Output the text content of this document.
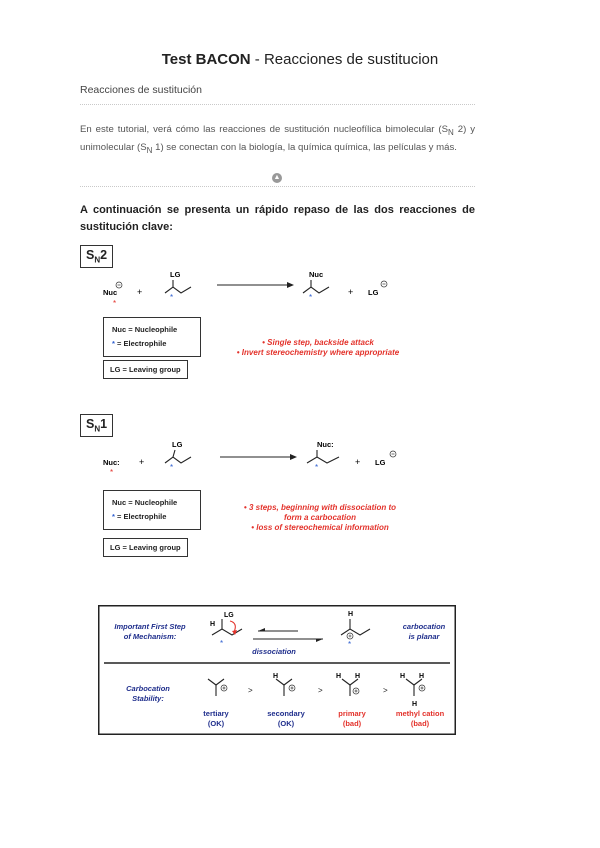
Test BACON - Reacciones de sustitucion
Reacciones de sustitución
En este tutorial, verá cómo las reacciones de sustitución nucleofílica bimolecular ($S_N$ 2) y unimolecular ($S_N$ 1) se conectan con la biología, la química química, las películas y más.
▲
A continuación se presenta un rápido repaso de las dos reacciones de sustitución clave:
$S_N2$
Nuc
*
+
LG
*
Nuc
*
+ LG
Nuc = Nucleophile
* = Electrophile
LG = Leaving group
• Single step, backside attack
• Invert stereochemistry where appropriate
$S_N1$
Nuc:
*
+
LG
*
Nuc:
*
+ LG
Nuc = Nucleophile
* = Electrophile
LG = Leaving group
• 3 steps, beginning with dissociation to
form a carbocation
• loss of stereochemical information
Important First Step
of Mechanism:
carbocation
is planar
dissociation
Carbocation
Stability:
H
LG
*
H
*
H	H H	H H
H
>	>	>
tertiary
(OK)
secondary
(OK)
primary
(bad)
methyl cation
(bad)
